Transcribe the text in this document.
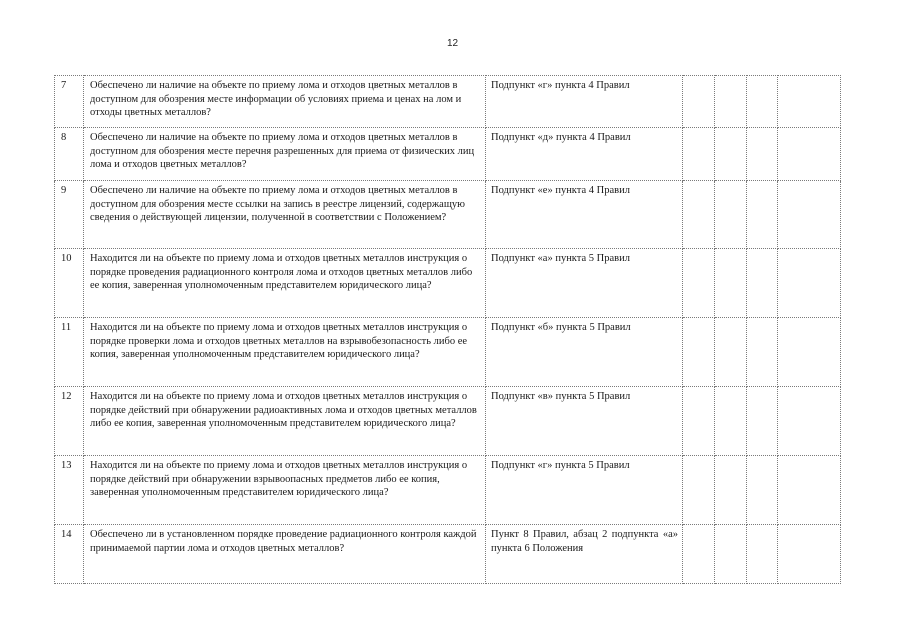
12
7	Обеспечено ли наличие на объекте по приему лома и отходов цветных металлов в доступном для обозрения месте информации об условиях приема и ценах на лом и отходы цветных металлов?	Подпункт «г» пункта 4 Правил				
8	Обеспечено ли наличие на объекте по приему лома и отходов цветных металлов в доступном для обозрения месте перечня разрешенных для приема от физических лиц лома и отходов цветных металлов?	Подпункт «д» пункта 4 Правил				
9	Обеспечено ли наличие на объекте по приему лома и отходов цветных металлов в доступном для обозрения месте ссылки на запись в реестре лицензий, содержащую сведения о действующей лицензии, полученной в соответствии с Положением?	Подпункт «е» пункта 4 Правил				
10	Находится ли на объекте по приему лома и отходов цветных металлов инструкция о порядке проведения радиационного контроля лома и отходов цветных металлов либо ее копия, заверенная уполномоченным представителем юридического лица?	Подпункт «а» пункта 5 Правил				
11	Находится ли на объекте по приему лома и отходов цветных металлов инструкция о порядке проверки лома и отходов цветных металлов на взрывобезопасность либо ее копия, заверенная уполномоченным представителем юридического лица?	Подпункт «б» пункта 5 Правил				
12	Находится ли на объекте по приему лома и отходов цветных металлов инструкция о порядке действий при обнаружении радиоактивных лома и отходов цветных металлов либо ее копия, заверенная уполномоченным представителем юридического лица?	Подпункт «в» пункта 5 Правил				
13	Находится ли на объекте по приему лома и отходов цветных металлов инструкция о порядке действий при обнаружении взрывоопасных предметов либо ее копия, заверенная уполномоченным представителем юридического лица?	Подпункт «г» пункта 5 Правил				
14	Обеспечено ли в установленном порядке проведение радиационного контроля каждой принимаемой партии лома и отходов цветных металлов?	Пункт 8 Правил, абзац 2 подпункта «а» пункта 6 Положения				
